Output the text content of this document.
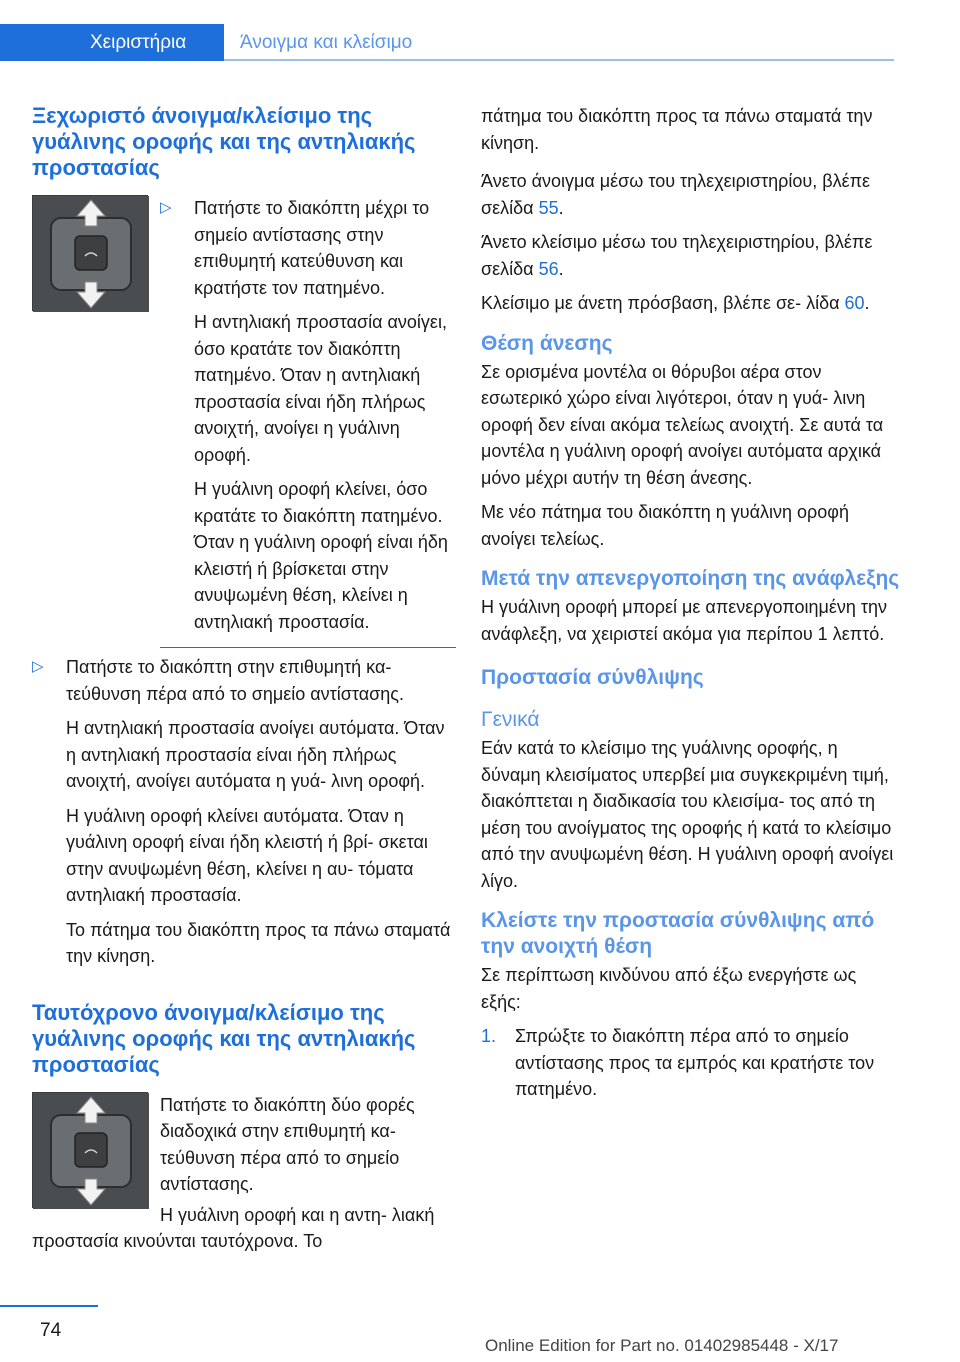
Χειριστήρια	Άνοιγμα και κλείσιμο
Ξεχωριστό άνοιγμα/κλείσιμο της γυάλινης οροφής και της αντηλιακής προστασίας
▷	Πατήστε το διακόπτη μέχρι το σημείο αντίστασης στην επιθυμητή κατεύθυνση και κρατήστε τον πατημένο.

Η αντηλιακή προστασία ανοίγει, όσο κρατάτε τον διακόπτη πατημένο. Όταν η αντηλιακή προστασία είναι ήδη πλήρως ανοιχτή, ανοίγει η γυάλινη οροφή.

Η γυάλινη οροφή κλείνει, όσο κρατάτε το διακόπτη πατημένο. Όταν η γυάλινη οροφή είναι ήδη κλειστή ή βρίσκεται στην ανυψωμένη θέση, κλείνει η αντηλιακή προστασία.

▷	Πατήστε το διακόπτη στην επιθυμητή κα‐ τεύθυνση πέρα από το σημείο αντίστασης.

Η αντηλιακή προστασία ανοίγει αυτόματα. Όταν η αντηλιακή προστασία είναι ήδη πλήρως ανοιχτή, ανοίγει αυτόματα η γυά‐ λινη οροφή.

Η γυάλινη οροφή κλείνει αυτόματα. Όταν η γυάλινη οροφή είναι ήδη κλειστή ή βρί‐ σκεται στην ανυψωμένη θέση, κλείνει η αυ‐ τόματα αντηλιακή προστασία.

Το πάτημα του διακόπτη προς τα πάνω σταματά την κίνηση.

Ταυτόχρονο άνοιγμα/κλείσιμο της γυάλινης οροφής και της αντηλιακής προστασίας

Πατήστε το διακόπτη δύο φορές διαδοχικά στην επιθυμητή κα‐ τεύθυνση πέρα από το σημείο αντίστασης.

Η γυάλινη οροφή και η αντη‐ λιακή προστασία κινούνται ταυτόχρονα. Το

πάτημα του διακόπτη προς τα πάνω σταματά την κίνηση.

Άνετο άνοιγμα μέσω του τηλεχειριστηρίου, βλέπε σελίδα 55.

Άνετο κλείσιμο μέσω του τηλεχειριστηρίου, βλέπε σελίδα 56.

Κλείσιμο με άνετη πρόσβαση, βλέπε σε‐ λίδα 60.

Θέση άνεσης

Σε ορισμένα μοντέλα οι θόρυβοι αέρα στον εσωτερικό χώρο είναι λιγότεροι, όταν η γυά‐ λινη οροφή δεν είναι ακόμα τελείως ανοιχτή. Σε αυτά τα μοντέλα η γυάλινη οροφή ανοίγει αυτόματα αρχικά μόνο μέχρι αυτήν τη θέση άνεσης.

Με νέο πάτημα του διακόπτη η γυάλινη οροφή ανοίγει τελείως.

Μετά την απενεργοποίηση της ανάφλεξης

Η γυάλινη οροφή μπορεί με απενεργοποιημένη την ανάφλεξη, να χειριστεί ακόμα για περίπου 1 λεπτό.

Προστασία σύνθλιψης
Γενικά

Εάν κατά το κλείσιμο της γυάλινης οροφής, η δύναμη κλεισίματος υπερβεί μια συγκεκριμένη τιμή, διακόπτεται η διαδικασία του κλεισίμα‐ τος από τη μέση του ανοίγματος της οροφής ή κατά το κλείσιμο από την ανυψωμένη θέση. Η γυάλινη οροφή ανοίγει λίγο.

Κλείστε την προστασία σύνθλιψης από την ανοιχτή θέση

Σε περίπτωση κινδύνου από έξω ενεργήστε ως εξής:

1.	Σπρώξτε το διακόπτη πέρα από το σημείο αντίστασης προς τα εμπρός και κρατήστε τον πατημένο.

74
Online Edition for Part no. 01402985448 - X/17
